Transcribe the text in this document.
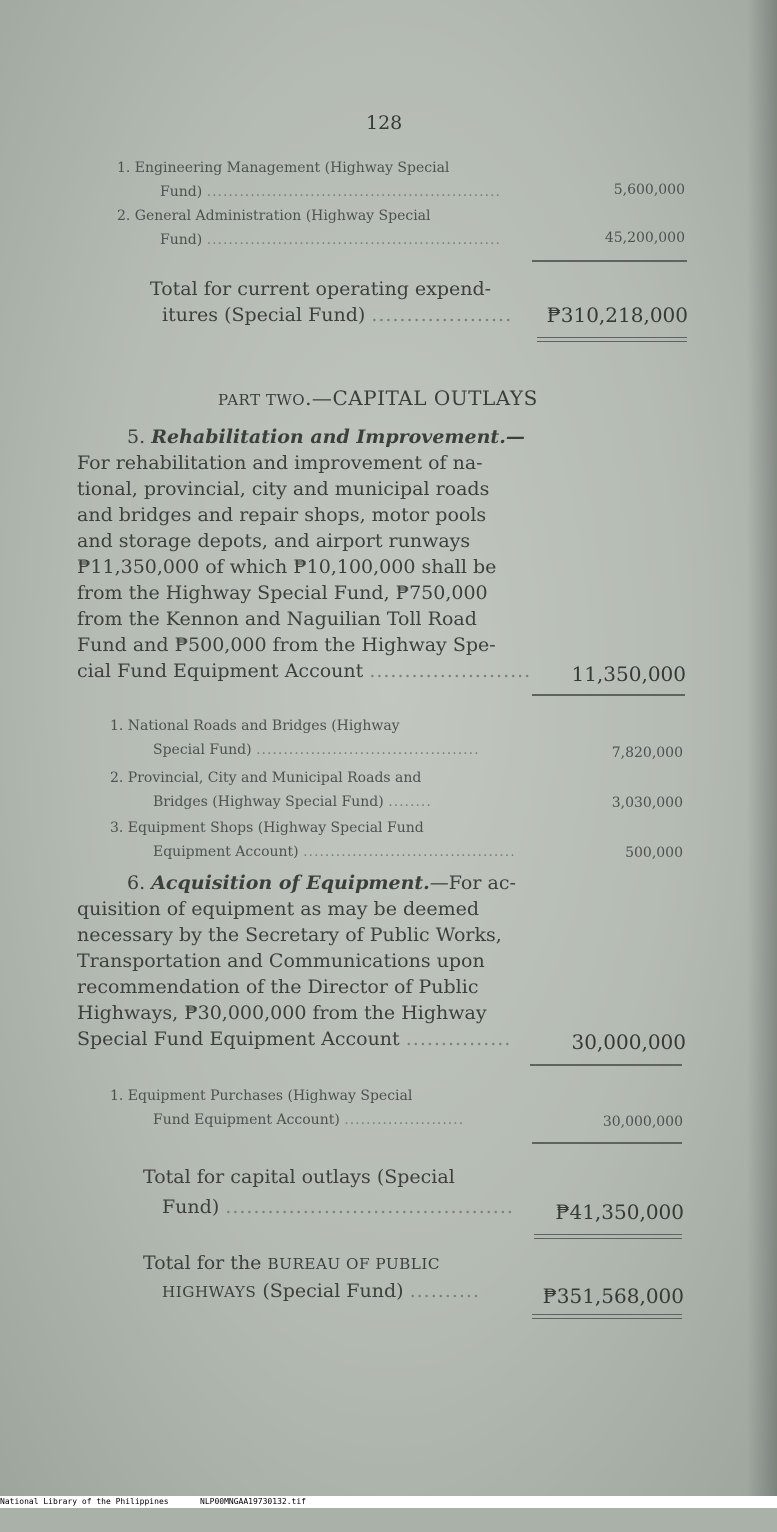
128
1. Engineering Management (Highway Special
Fund) ......................................................	5,600,000
2. General Administration (Highway Special
Fund) ......................................................	45,200,000
Total for current operating expend-
itures (Special Fund) ....................	₱310,218,000
PART TWO.—CAPITAL OUTLAYS
5. Rehabilitation and Improvement.—
For rehabilitation and improvement of na-
tional, provincial, city and municipal roads
and bridges and repair shops, motor pools
and storage depots, and airport runways
₱11,350,000 of which ₱10,100,000 shall be
from the Highway Special Fund, ₱750,000
from the Kennon and Naguilian Toll Road
Fund and ₱500,000 from the Highway Spe-
cial Fund Equipment Account .......................	11,350,000
1. National Roads and Bridges (Highway
Special Fund) .........................................	7,820,000
2. Provincial, City and Municipal Roads and
Bridges (Highway Special Fund) ........	3,030,000
3. Equipment Shops (Highway Special Fund
Equipment Account) .......................................	500,000
6. Acquisition of Equipment.—For ac-
quisition of equipment as may be deemed
necessary by the Secretary of Public Works,
Transportation and Communications upon
recommendation of the Director of Public
Highways, ₱30,000,000 from the Highway
Special Fund Equipment Account ...............	30,000,000
1. Equipment Purchases (Highway Special
Fund Equipment Account) ......................	30,000,000
Total for capital outlays (Special
Fund) .........................................	₱41,350,000
Total for the BUREAU OF PUBLIC
HIGHWAYS (Special Fund) ..........	₱351,568,000

National Library of the Philippines

	NLP00MNGAA19730132.tif
